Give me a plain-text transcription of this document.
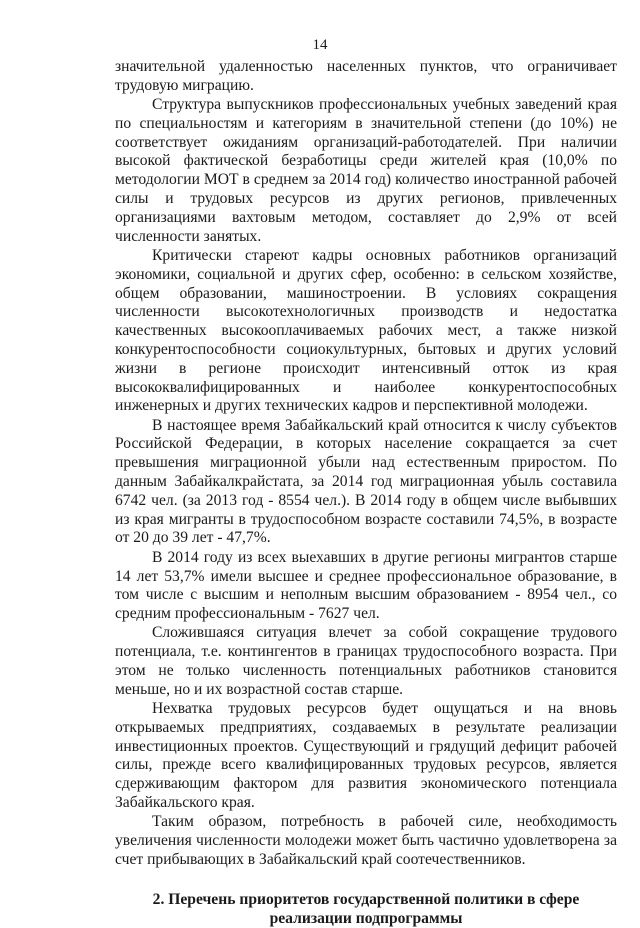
14

значительной удаленностью населенных пунктов, что ограничивает трудовую миграцию.

Структура выпускников профессиональных учебных заведений края по специальностям и категориям в значительной степени (до 10%) не соответствует ожиданиям организаций-работодателей. При наличии высокой фактической безработицы среди жителей края (10,0% по методологии МОТ в среднем за 2014 год) количество иностранной рабочей силы и трудовых ресурсов из других регионов, привлеченных организациями вахтовым методом, составляет до 2,9% от всей численности занятых.

Критически стареют кадры основных работников организаций экономики, социальной и других сфер, особенно: в сельском хозяйстве, общем образовании, машиностроении. В условиях сокращения численности высокотехнологичных производств и недостатка качественных высокооплачиваемых рабочих мест, а также низкой конкурентоспособности социокультурных, бытовых и других условий жизни в регионе происходит интенсивный отток из края высококвалифицированных и наиболее конкурентоспособных инженерных и других технических кадров и перспективной молодежи.

В настоящее время Забайкальский край относится к числу субъектов Российской Федерации, в которых население сокращается за счет превышения миграционной убыли над естественным приростом. По данным Забайкалкрайстата, за 2014 год миграционная убыль составила 6742 чел. (за 2013 год - 8554 чел.). В 2014 году в общем числе выбывших из края мигранты в трудоспособном возрасте составили 74,5%, в возрасте от 20 до 39 лет - 47,7%.

В 2014 году из всех выехавших в другие регионы мигрантов старше 14 лет 53,7% имели высшее и среднее профессиональное образование, в том числе с высшим и неполным высшим образованием - 8954 чел., со средним профессиональным - 7627 чел.

Сложившаяся ситуация влечет за собой сокращение трудового потенциала, т.е. контингентов в границах трудоспособного возраста. При этом не только численность потенциальных работников становится меньше, но и их возрастной состав старше.

Нехватка трудовых ресурсов будет ощущаться и на вновь открываемых предприятиях, создаваемых в результате реализации инвестиционных проектов. Существующий и грядущий дефицит рабочей силы, прежде всего квалифицированных трудовых ресурсов, является сдерживающим фактором для развития экономического потенциала Забайкальского края.

Таким образом, потребность в рабочей силе, необходимость увеличения численности молодежи может быть частично удовлетворена за счет прибывающих в Забайкальский край соотечественников.

2. Перечень приоритетов государственной политики в сфере реализации подпрограммы
